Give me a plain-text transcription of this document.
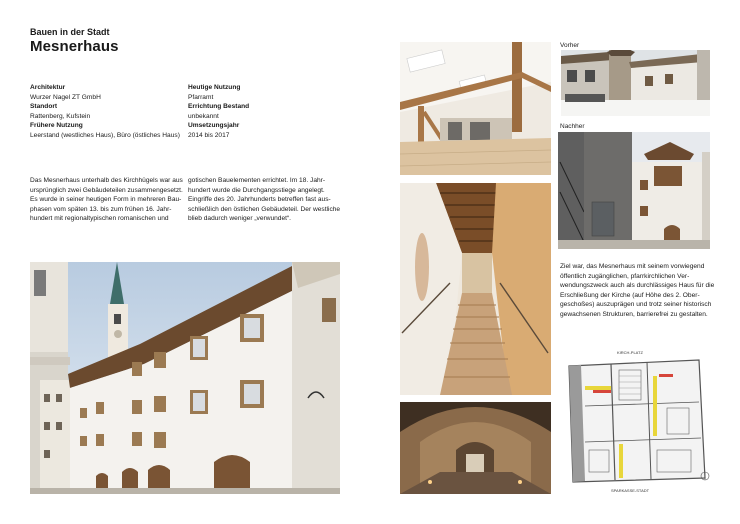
Bauen in der Stadt
Mesnerhaus
Architektur
Wurzer Nagel ZT GmbH
Standort
Rattenberg, Kufstein
Frühere Nutzung
Leerstand (westliches Haus), Büro (östliches Haus)
Heutige Nutzung
Pfarramt
Errichtung Bestand
unbekannt
Umsetzungsjahr
2014 bis 2017
Das Mesnerhaus unterhalb des Kirchhügels war aus
ursprünglich zwei Gebäudeteilen zusammengesetzt.
Es wurde in seiner heutigen Form in mehreren Bau-
phasen vom späten 13. bis zum frühen 16. Jahr-
hundert mit regionaltypischen romanischen und
gotischen Bauelementen errichtet. Im 18. Jahr-
hundert wurde die Durchgangsstiege angelegt.
Eingriffe des 20. Jahrhunderts betreffen fast aus-
schließlich den östlichen Gebäudeteil. Der westliche
blieb dadurch weniger „verwundet“.
Vorher
Nachher
Ziel war, das Mesnerhaus mit seinem vorwiegend
öffentlich zugänglichen, pfarrkirchlichen Ver-
wendungszweck auch als durchlässiges Haus für die
Erschließung der Kirche (auf Höhe des 2. Ober-
geschoßes) auszuprägen und trotz seiner historisch
gewachsenen Strukturen, barrierefrei zu gestalten.
KIRCH-PLATZ
SPARKASSE-STADT
